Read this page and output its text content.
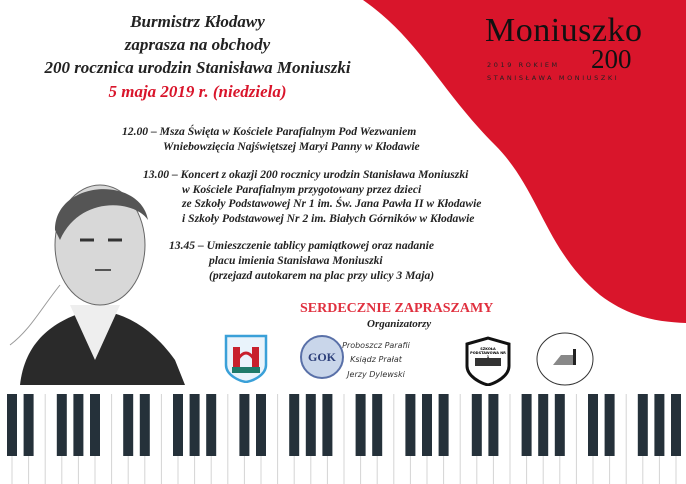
Burmistrz Kłodawy
zaprasza na obchody
200 rocznica urodzin Stanisława Moniuszki
5 maja 2019 r. (niedziela)
Moniuszko
200
2019 ROKIEM
STANISŁAWA MONIUSZKI
12.00 – Msza Święta w Kościele Parafialnym Pod Wezwaniem
Wniebowzięcia Najświętszej Maryi Panny w Kłodawie
13.00 – Koncert z okazji 200 rocznicy urodzin Stanisława Moniuszki
w Kościele Parafialnym przygotowany przez dzieci
ze Szkoły Podstawowej Nr 1 im. Św. Jana Pawła II w Kłodawie
i Szkoły Podstawowej Nr 2 im. Białych Górników w Kłodawie
13.45 – Umieszczenie tablicy pamiątkowej oraz nadanie
placu imienia Stanisława Moniuszki
(przejazd autokarem na plac przy ulicy 3 Maja)
SERDECZNIE ZAPRASZAMY
Organizatorzy
GOK
Proboszcz Parafii
Ksiądz Prałat
Jerzy Dylewski
SZKOŁA PODSTAWOWA NR 1
